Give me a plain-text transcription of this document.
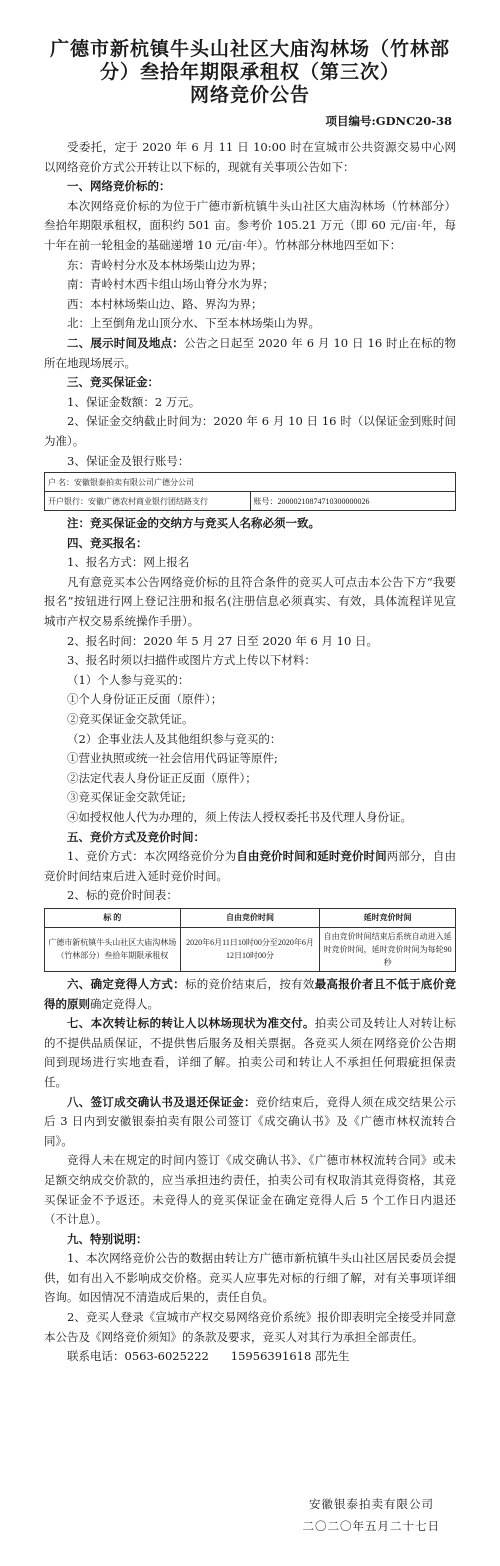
广德市新杭镇牛头山社区大庙沟林场（竹林部
分）叁拾年期限承租权（第三次）
网络竞价公告
项目编号:GDNC20-38

受委托，定于 2020 年 6 月 11 日 10:00 时在宣城市公共资源交易中心网以网络竞价方式公开转让以下标的，现就有关事项公告如下：

一、网络竞价标的：

本次网络竞价标的为位于广德市新杭镇牛头山社区大庙沟林场（竹林部分）叁拾年期限承租权，面积约 501 亩。参考价 105.21 万元（即 60 元/亩·年，每十年在前一轮租金的基础递增 10 元/亩·年）。竹林部分林地四至如下：

东：青岭村分水及本林场柴山边为界；

南：青岭村木西卡组山场山脊分水为界；

西：本村林场柴山边、路、界沟为界；

北：上至倒角龙山顶分水、下至本林场柴山为界。

二、展示时间及地点：公告之日起至 2020 年 6 月 10 日 16 时止在标的物所在地现场展示。

三、竞买保证金：

1、保证金数额：2 万元。

2、保证金交纳截止时间为：2020 年 6 月 10 日 16 时（以保证金到账时间为准）。

3、保证金及银行账号：

户 名：安徽银泰拍卖有限公司广德分公司
开户银行：安徽广德农村商业银行团结路支行	账号：20000210874710300000026

注：竞买保证金的交纳方与竞买人名称必须一致。

四、竞买报名：

1、报名方式：网上报名

凡有意竞买本公告网络竞价标的且符合条件的竞买人可点击本公告下方“我要报名”按钮进行网上登记注册和报名(注册信息必须真实、有效，具体流程详见宣城市产权交易系统操作手册）。

2、报名时间：2020 年 5 月 27 日至 2020 年 6 月 10 日。

3、报名时须以扫描件或图片方式上传以下材料：

（1）个人参与竞买的：

①个人身份证正反面（原件）；

②竞买保证金交款凭证。

（2）企事业法人及其他组织参与竞买的：

①营业执照或统一社会信用代码证等原件;

②法定代表人身份证正反面（原件）；

③竞买保证金交款凭证;

④如授权他人代为办理的，须上传法人授权委托书及代理人身份证。

五、竞价方式及竞价时间：

1、竞价方式：本次网络竞价分为自由竞价时间和延时竞价时间两部分，自由竞价时间结束后进入延时竞价时间。

2、标的竞价时间表：

标 的	自由竞价时间	延时竞价时间
广德市新杭镇牛头山社区大庙沟林场（竹林部分）叁拾年期限承租权	2020年6月11日10时00分至2020年6月12日10时00分	自由竞价时间结束后系统自动进入延时竞价时间，延时竞价时间为每轮90秒

六、确定竞得人方式：标的竞价结束后，按有效最高报价者且不低于底价竞得的原则确定竞得人。

七、本次转让标的转让人以林场现状为准交付。拍卖公司及转让人对转让标的不提供品质保证，不提供售后服务及相关票据。各竞买人须在网络竞价公告期间到现场进行实地查看，详细了解。拍卖公司和转让人不承担任何瑕疵担保责任。

八、签订成交确认书及退还保证金：竞价结束后，竞得人须在成交结果公示后 3 日内到安徽银泰拍卖有限公司签订《成交确认书》及《广德市林权流转合同》。

竞得人未在规定的时间内签订《成交确认书》、《广德市林权流转合同》或未足额交纳成交价款的，应当承担违约责任，拍卖公司有权取消其竞得资格，其竞买保证金不予返还。未竞得人的竞买保证金在确定竞得人后 5 个工作日内退还（不计息）。

九、特别说明：

1、本次网络竞价公告的数据由转让方广德市新杭镇牛头山社区居民委员会提供，如有出入不影响成交价格。竞买人应事先对标的行细了解，对有关事项详细咨询。如因情况不清造成后果的，责任自负。

2、竞买人登录《宣城市产权交易网络竞价系统》报价即表明完全接受并同意本公告及《网络竞价须知》的条款及要求，竞买人对其行为承担全部责任。

联系电话：0563-6025222      15956391618 邵先生

安徽银泰拍卖有限公司
二〇二〇年五月二十七日
